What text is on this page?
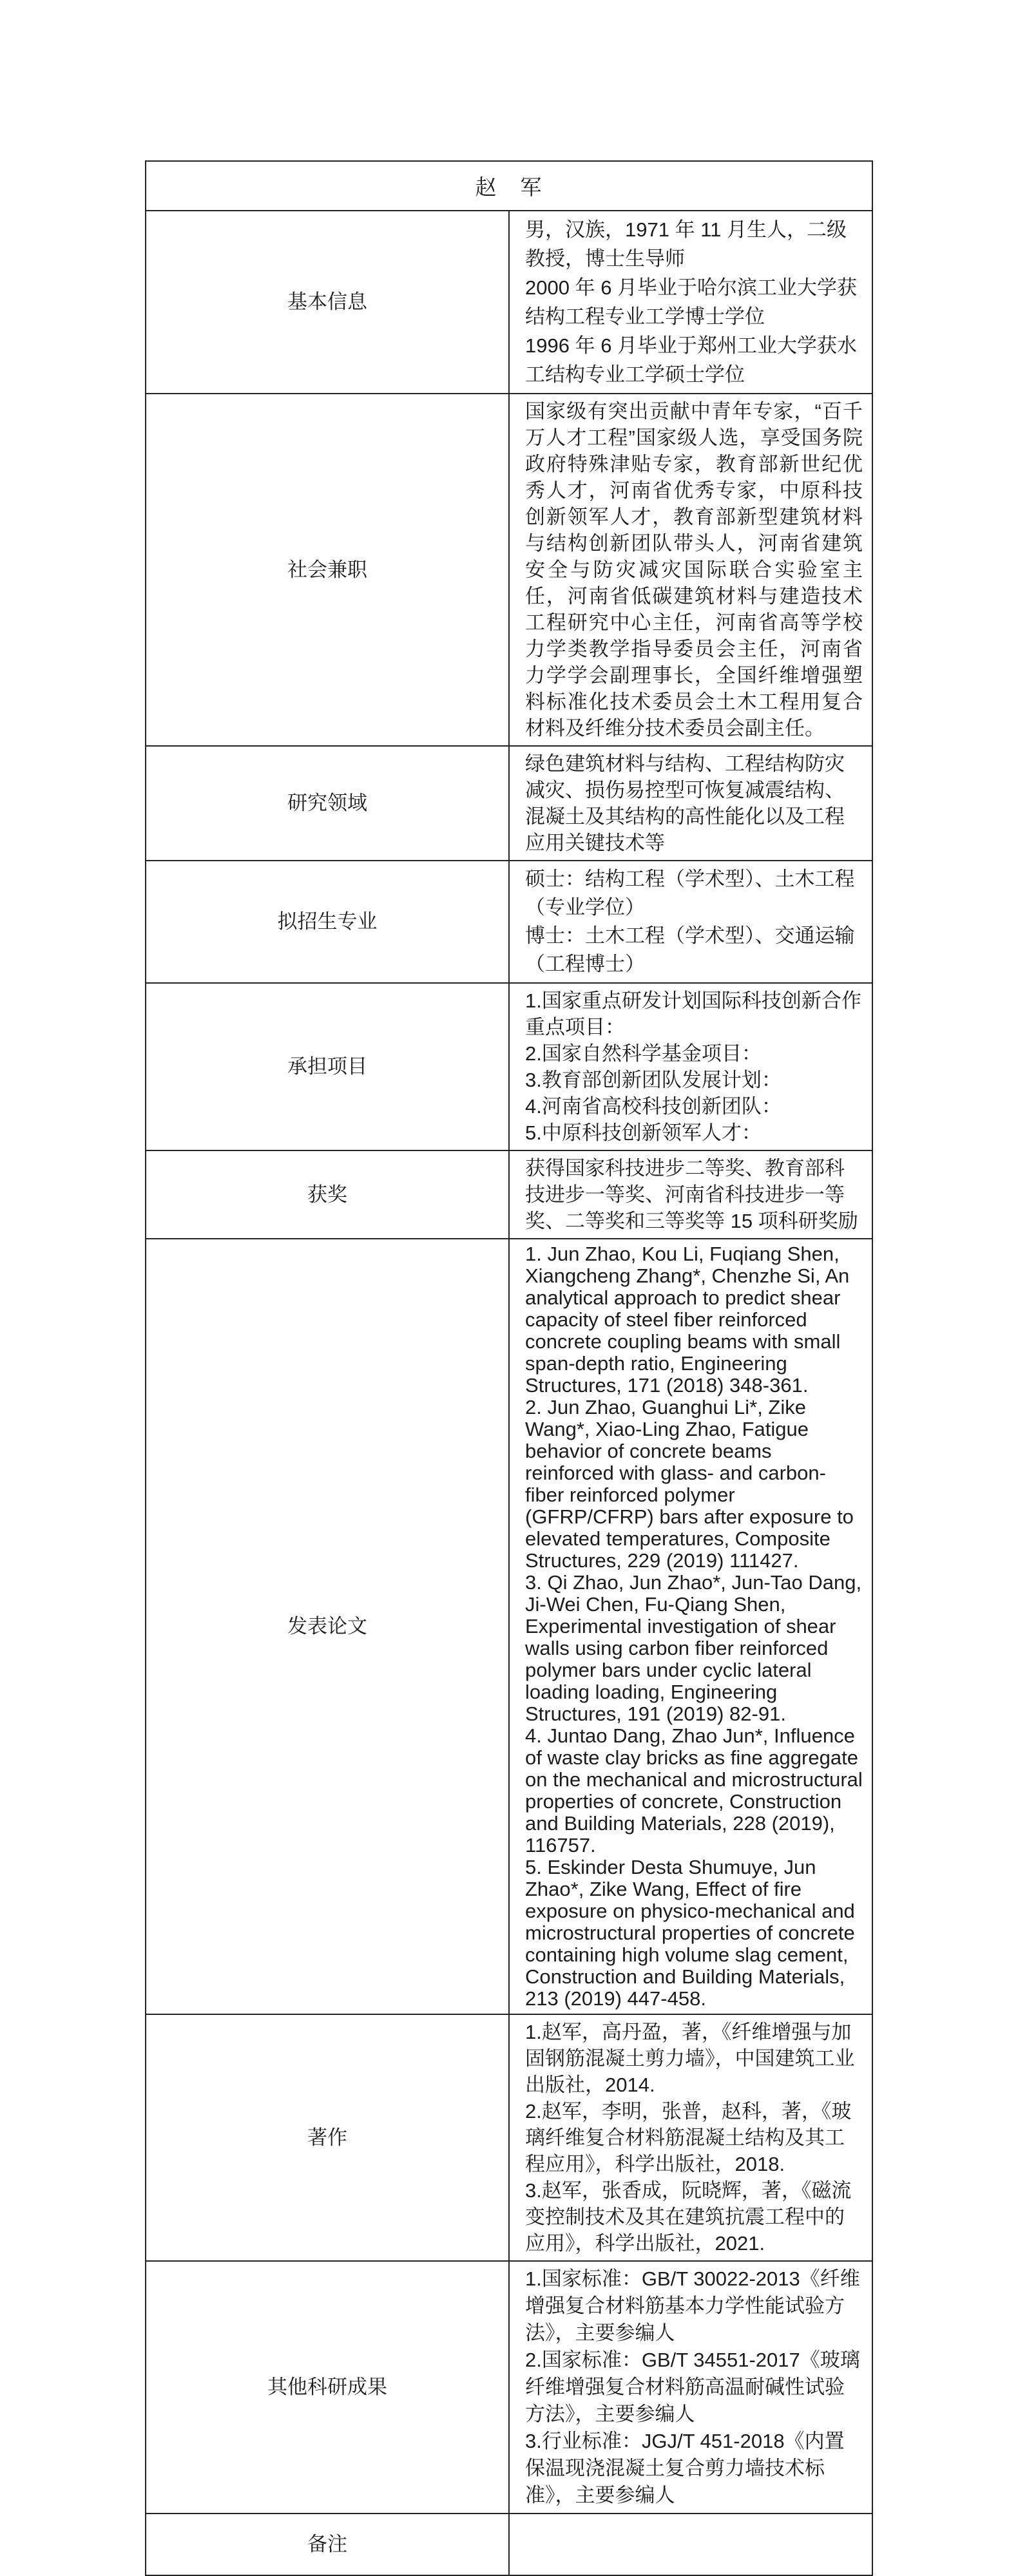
赵　军	
基本信息	男，汉族，1971 年 11 月生人，二级教授，博士生导师
2000 年 6 月毕业于哈尔滨工业大学获结构工程专业工学博士学位
1996 年 6 月毕业于郑州工业大学获水工结构专业工学硕士学位

社会兼职	国家级有突出贡献中青年专家，“百千万人才工程”国家级人选，享受国务院政府特殊津贴专家，教育部新世纪优秀人才，河南省优秀专家，中原科技创新领军人才，教育部新型建筑材料与结构创新团队带头人，河南省建筑安全与防灾减灾国际联合实验室主任，河南省低碳建筑材料与建造技术工程研究中心主任，河南省高等学校力学类教学指导委员会主任，河南省力学学会副理事长，全国纤维增强塑料标准化技术委员会土木工程用复合材料及纤维分技术委员会副主任。

研究领域	绿色建筑材料与结构、工程结构防灾减灾、损伤易控型可恢复减震结构、混凝土及其结构的高性能化以及工程应用关键技术等

拟招生专业	硕士：结构工程（学术型）、土木工程（专业学位）
博士：土木工程（学术型）、交通运输（工程博士）

承担项目	1.国家重点研发计划国际科技创新合作重点项目：
2.国家自然科学基金项目：
3.教育部创新团队发展计划：
4.河南省高校科技创新团队：
5.中原科技创新领军人才：

获奖	获得国家科技进步二等奖、教育部科技进步一等奖、河南省科技进步一等奖、二等奖和三等奖等 15 项科研奖励

发表论文	1. Jun Zhao, Kou Li, Fuqiang Shen, Xiangcheng Zhang*, Chenzhe Si, An analytical approach to predict shear capacity of steel fiber reinforced concrete coupling beams with small span-depth ratio, Engineering Structures, 171 (2018) 348-361.
2. Jun Zhao, Guanghui Li*, Zike Wang*, Xiao-Ling Zhao, Fatigue behavior of concrete beams reinforced with glass- and carbon-fiber reinforced polymer (GFRP/CFRP) bars after exposure to elevated temperatures, Composite Structures, 229 (2019) 111427.
3. Qi Zhao, Jun Zhao*, Jun-Tao Dang, Ji-Wei Chen, Fu-Qiang Shen, Experimental investigation of shear walls using carbon fiber reinforced polymer bars under cyclic lateral loading loading, Engineering Structures, 191 (2019) 82-91.
4. Juntao Dang, Zhao Jun*, Influence of waste clay bricks as fine aggregate on the mechanical and microstructural properties of concrete, Construction and Building Materials, 228 (2019), 116757.
5. Eskinder Desta Shumuye, Jun Zhao*, Zike Wang, Effect of fire exposure on physico-mechanical and microstructural properties of concrete containing high volume slag cement, Construction and Building Materials, 213 (2019) 447-458.

著作	1.赵军，高丹盈，著，《纤维增强与加固钢筋混凝土剪力墙》，中国建筑工业出版社，2014.
2.赵军，李明，张普，赵科，著，《玻璃纤维复合材料筋混凝土结构及其工程应用》，科学出版社，2018.
3.赵军，张香成，阮晓辉，著，《磁流变控制技术及其在建筑抗震工程中的应用》，科学出版社，2021.

其他科研成果	1.国家标准：GB/T 30022-2013《纤维增强复合材料筋基本力学性能试验方法》，主要参编人
2.国家标准：GB/T 34551-2017《玻璃纤维增强复合材料筋高温耐碱性试验方法》，主要参编人
3.行业标准：JGJ/T 451-2018《内置保温现浇混凝土复合剪力墙技术标准》，主要参编人

备注	
